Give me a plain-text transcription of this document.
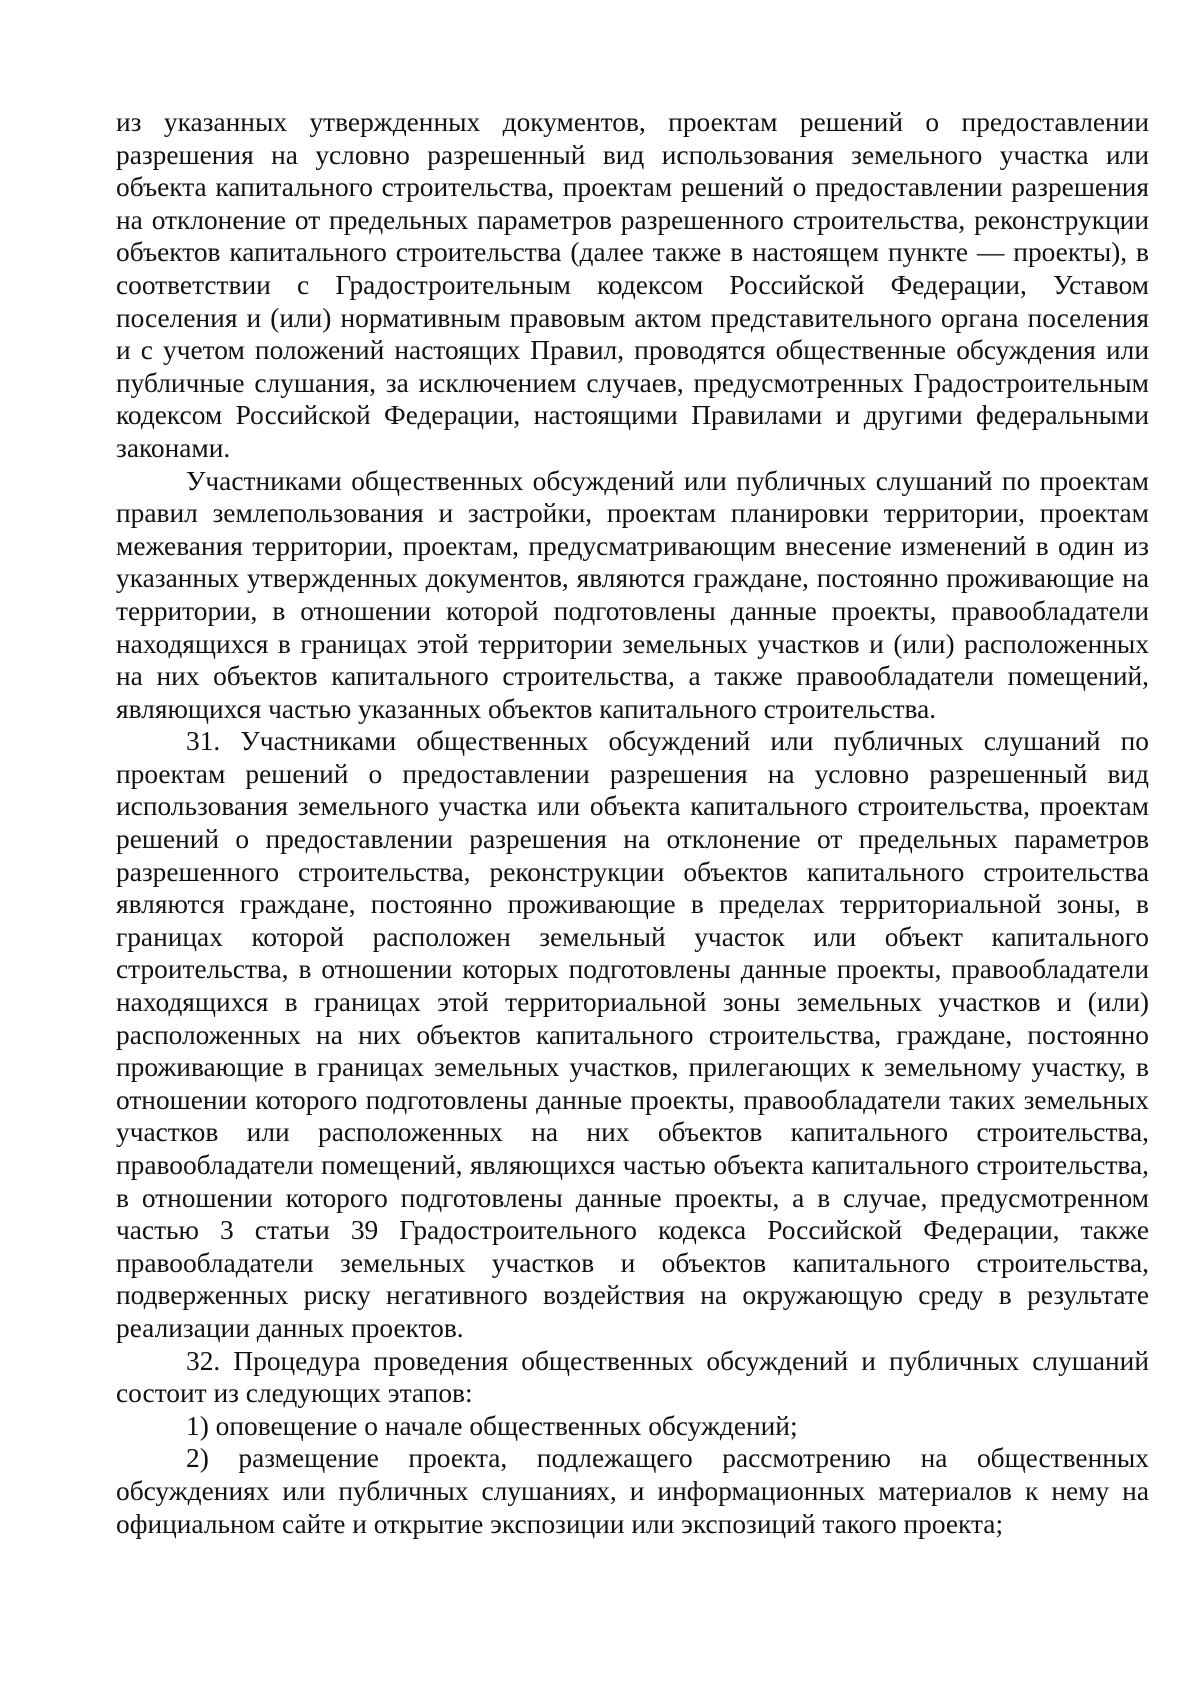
из указанных утвержденных документов, проектам решений о предоставлении разрешения на условно разрешенный вид использования земельного участка или объекта капитального строительства, проектам решений о предоставлении разрешения на отклонение от предельных параметров разрешенного строительства, реконструкции объектов капитального строительства (далее также в настоящем пункте — проекты), в соответствии с Градостроительным кодексом Российской Федерации, Уставом поселения и (или) нормативным правовым актом представительного органа поселения и с учетом положений настоящих Правил, проводятся общественные обсуждения или публичные слушания, за исключением случаев, предусмотренных Градостроительным кодексом Российской Федерации, настоящими Правилами и другими федеральными законами.

Участниками общественных обсуждений или публичных слушаний по проектам правил землепользования и застройки, проектам планировки территории, проектам межевания территории, проектам, предусматривающим внесение изменений в один из указанных утвержденных документов, являются граждане, постоянно проживающие на территории, в отношении которой подготовлены данные проекты, правообладатели находящихся в границах этой территории земельных участков и (или) расположенных на них объектов капитального строительства, а также правообладатели помещений, являющихся частью указанных объектов капитального строительства.

31. Участниками общественных обсуждений или публичных слушаний по проектам решений о предоставлении разрешения на условно разрешенный вид использования земельного участка или объекта капитального строительства, проектам решений о предоставлении разрешения на отклонение от предельных параметров разрешенного строительства, реконструкции объектов капитального строительства являются граждане, постоянно проживающие в пределах территориальной зоны, в границах которой расположен земельный участок или объект капитального строительства, в отношении которых подготовлены данные проекты, правообладатели находящихся в границах этой территориальной зоны земельных участков и (или) расположенных на них объектов капитального строительства, граждане, постоянно проживающие в границах земельных участков, прилегающих к земельному участку, в отношении которого подготовлены данные проекты, правообладатели таких земельных участков или расположенных на них объектов капитального строительства, правообладатели помещений, являющихся частью объекта капитального строительства, в отношении которого подготовлены данные проекты, а в случае, предусмотренном частью 3 статьи 39 Градостроительного кодекса Российской Федерации, также правообладатели земельных участков и объектов капитального строительства, подверженных риску негативного воздействия на окружающую среду в результате реализации данных проектов.

32. Процедура проведения общественных обсуждений и публичных слушаний состоит из следующих этапов:

1) оповещение о начале общественных обсуждений;

2) размещение проекта, подлежащего рассмотрению на общественных обсуждениях или публичных слушаниях, и информационных материалов к нему на официальном сайте и открытие экспозиции или экспозиций такого проекта;
